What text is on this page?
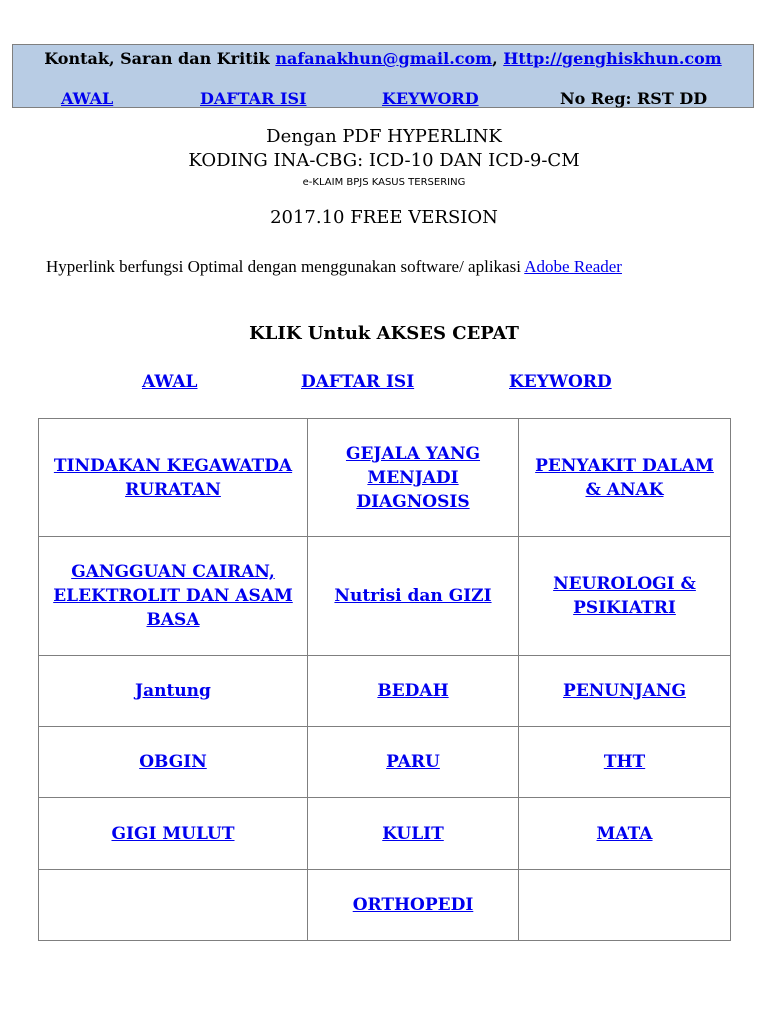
Kontak, Saran dan Kritik nafanakhun@gmail.com, Http://genghiskhun.com
AWAL	DAFTAR ISI	KEYWORD	No Reg: RST DD
Dengan PDF HYPERLINK
KODING INA-CBG: ICD-10 DAN ICD-9-CM
e-KLAIM BPJS KASUS TERSERING
2017.10 FREE VERSION
Hyperlink berfungsi Optimal dengan menggunakan software/ aplikasi Adobe Reader
KLIK Untuk AKSES CEPAT
AWAL	DAFTAR ISI	KEYWORD
TINDAKAN KEGAWATDARURATAN	GEJALA YANG MENJADI DIAGNOSIS	PENYAKIT DALAM & ANAK
GANGGUAN CAIRAN, ELEKTROLIT DAN ASAM BASA	Nutrisi dan GIZI	NEUROLOGI & PSIKIATRI
Jantung	BEDAH	PENUNJANG
OBGIN	PARU	THT
GIGI MULUT	KULIT	MATA
	ORTHOPEDI	
